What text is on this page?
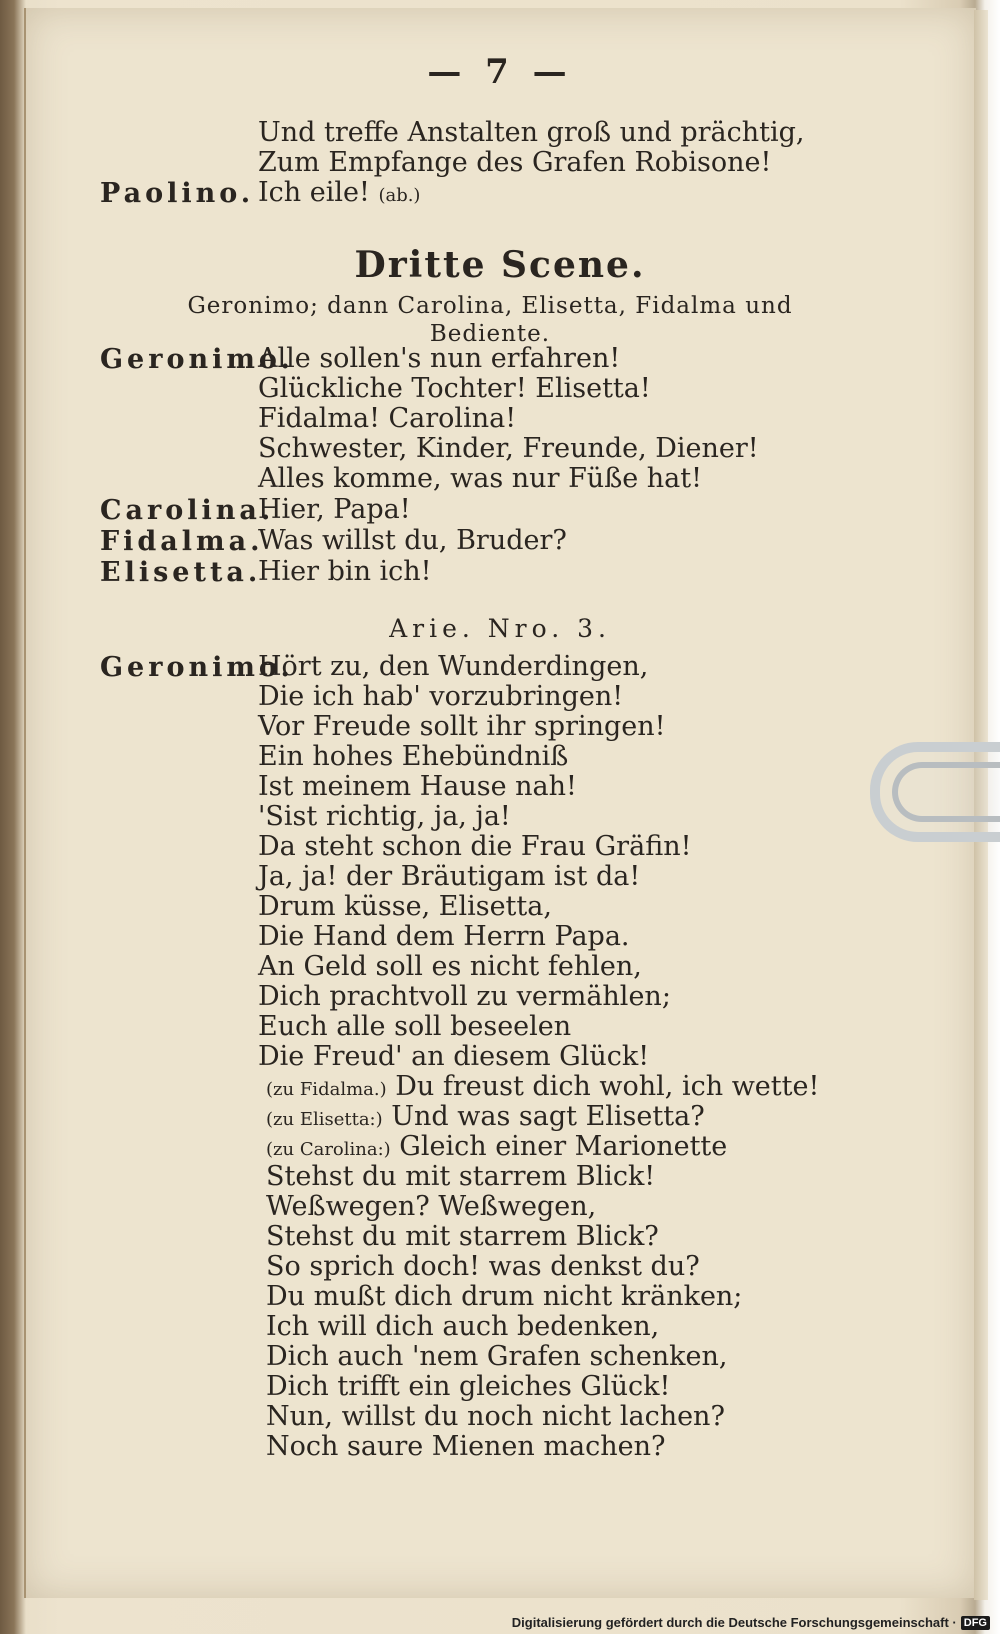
— 7 —
Und treffe Anstalten groß und prächtig,
Zum Empfange des Grafen Robisone!
Paolino. Ich eile! (ab.)
Dritte Scene.
Geronimo; dann Carolina, Elisetta, Fidalma und Bediente.
Geronimo.
Alle sollen's nun erfahren!
Glückliche Tochter! Elisetta!
Fidalma! Carolina!
Schwester, Kinder, Freunde, Diener!
Alles komme, was nur Füße hat!
Carolina.
Hier, Papa!
Fidalma.
Was willst du, Bruder?
Elisetta.
Hier bin ich!
Arie. Nro. 3.
Geronimo.
Hört zu, den Wunderdingen,
Die ich hab' vorzubringen!
Vor Freude sollt ihr springen!
Ein hohes Ehebündniß
Ist meinem Hause nah!
'Sist richtig, ja, ja!
Da steht schon die Frau Gräfin!
Ja, ja! der Bräutigam ist da!
Drum küsse, Elisetta,
Die Hand dem Herrn Papa.
An Geld soll es nicht fehlen,
Dich prachtvoll zu vermählen;
Euch alle soll beseelen
Die Freud' an diesem Glück!
(zu Fidalma.) Du freust dich wohl, ich wette!
(zu Elisetta:) Und was sagt Elisetta?
(zu Carolina:) Gleich einer Marionette
Stehst du mit starrem Blick!
Weßwegen? Weßwegen,
Stehst du mit starrem Blick?
So sprich doch! was denkst du?
Du mußt dich drum nicht kränken;
Ich will dich auch bedenken,
Dich auch 'nem Grafen schenken,
Dich trifft ein gleiches Glück!
Nun, willst du noch nicht lachen?
Noch saure Mienen machen?
Digitalisierung gefördert durch die Deutsche Forschungsgemeinschaft · DFG
